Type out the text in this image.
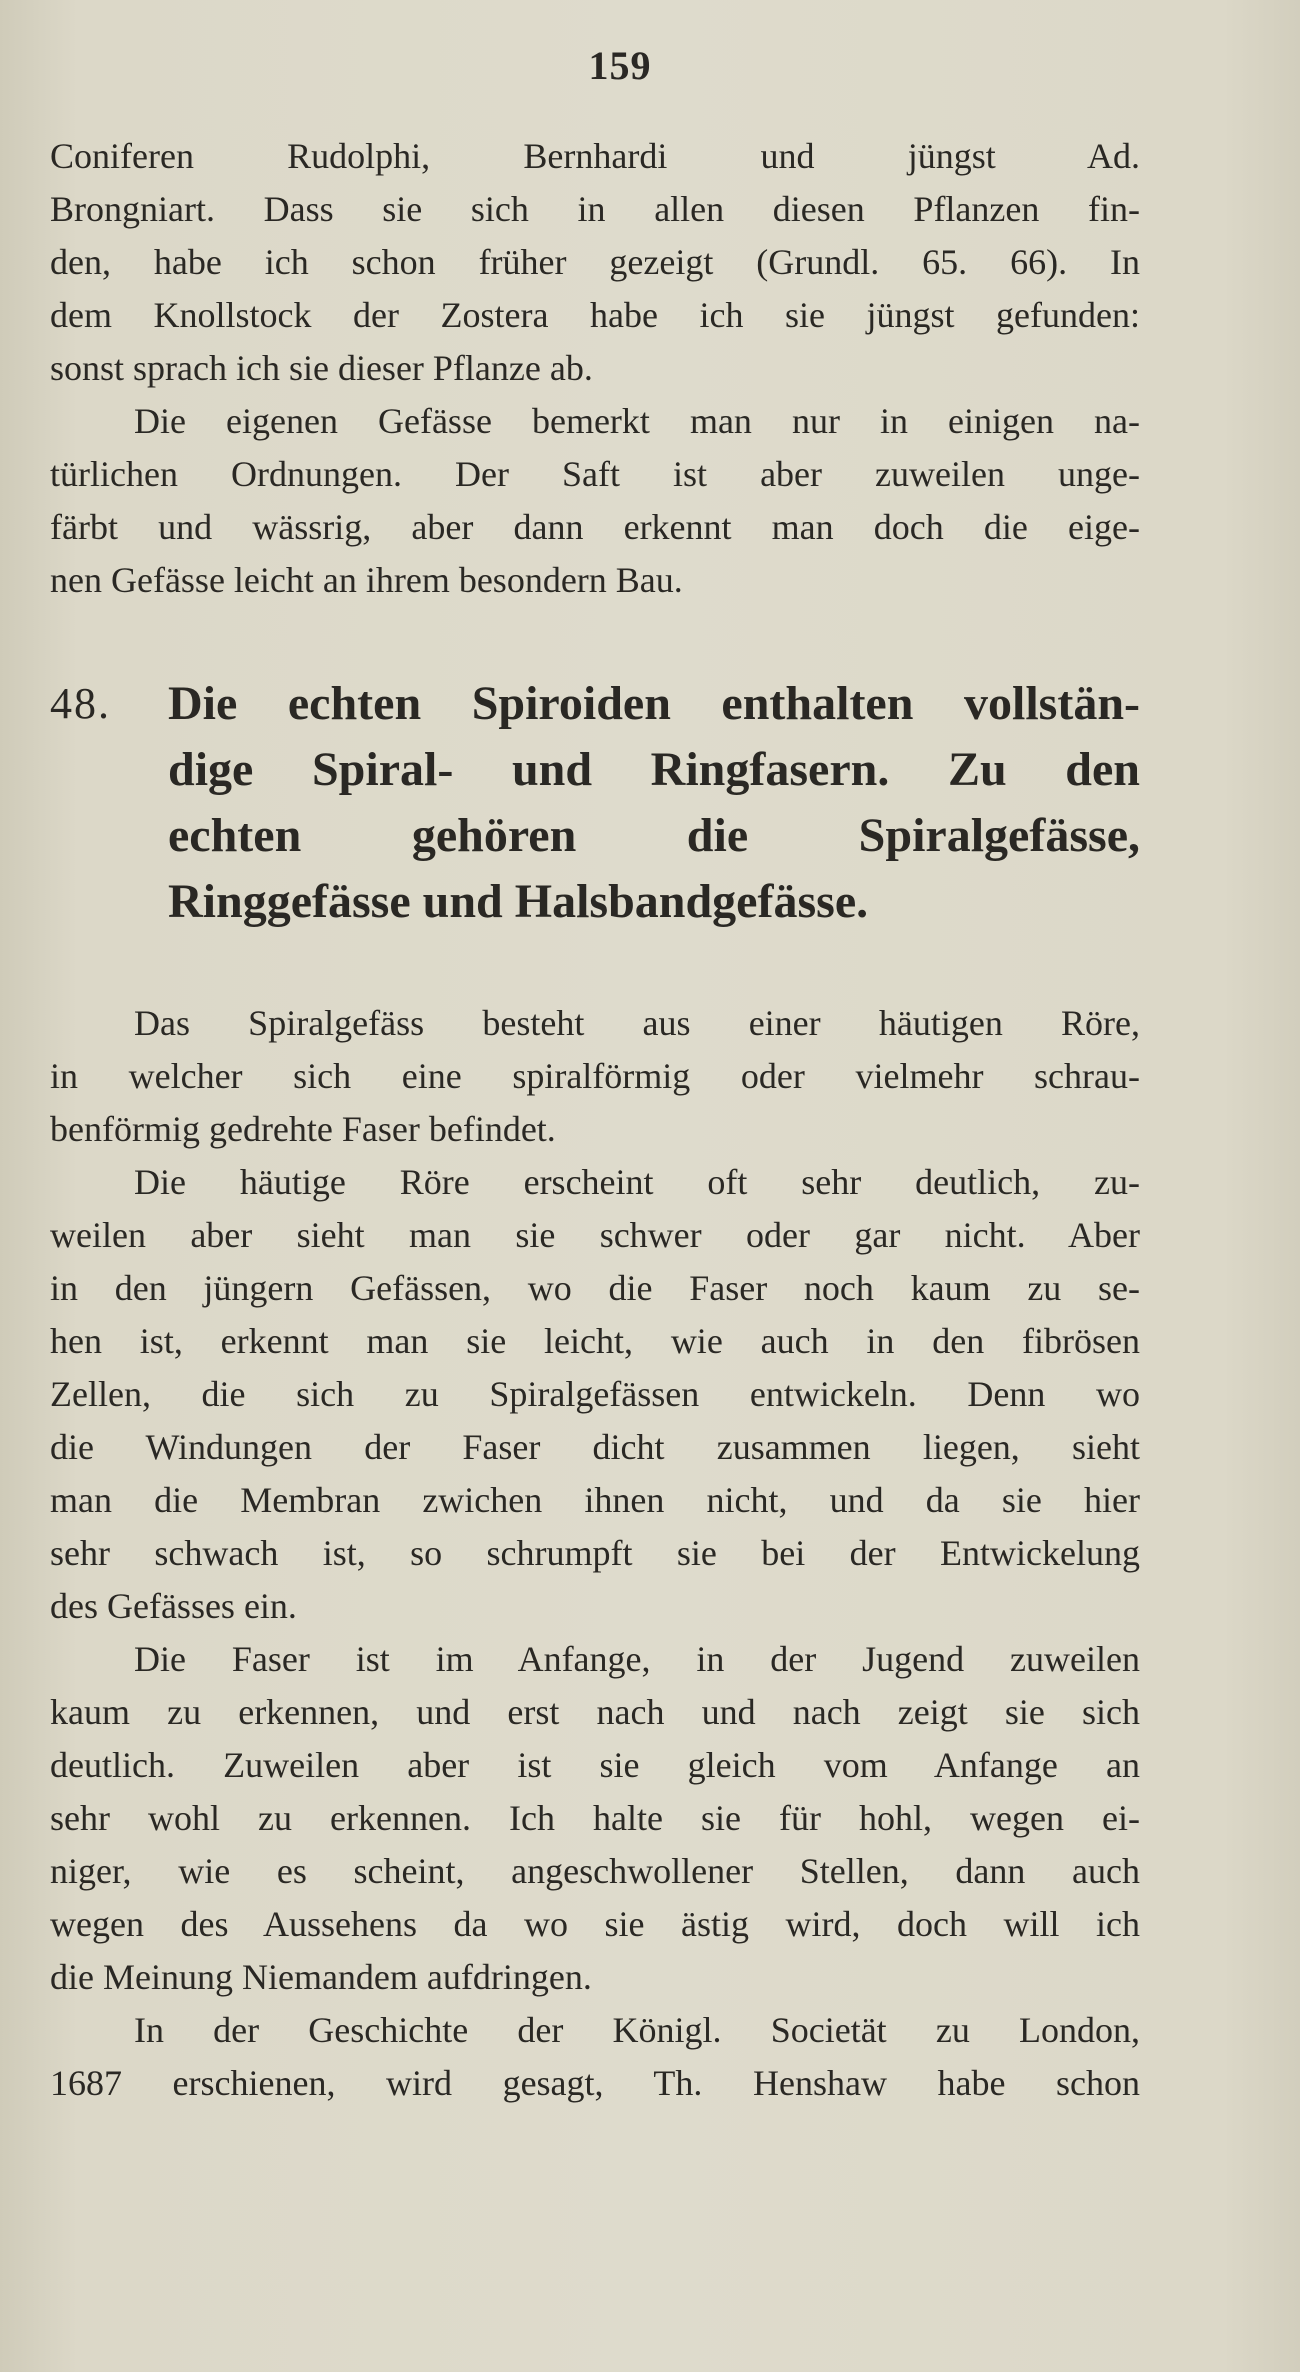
159
Coniferen Rudolphi, Bernhardi und jüngst Ad.
Brongniart. Dass sie sich in allen diesen Pflanzen fin-
den, habe ich schon früher gezeigt (Grundl. 65. 66). In
dem Knollstock der Zostera habe ich sie jüngst gefunden:
sonst sprach ich sie dieser Pflanze ab.
Die eigenen Gefässe bemerkt man nur in einigen na-
türlichen Ordnungen. Der Saft ist aber zuweilen unge-
färbt und wässrig, aber dann erkennt man doch die eige-
nen Gefässe leicht an ihrem besondern Bau.
48. Die echten Spiroiden enthalten vollstän-
dige Spiral- und Ringfasern. Zu den
echten gehören die Spiralgefässe,
Ringgefässe und Halsbandgefässe.
Das Spiralgefäss besteht aus einer häutigen Röre,
in welcher sich eine spiralförmig oder vielmehr schrau-
benförmig gedrehte Faser befindet.
Die häutige Röre erscheint oft sehr deutlich, zu-
weilen aber sieht man sie schwer oder gar nicht. Aber
in den jüngern Gefässen, wo die Faser noch kaum zu se-
hen ist, erkennt man sie leicht, wie auch in den fibrösen
Zellen, die sich zu Spiralgefässen entwickeln. Denn wo
die Windungen der Faser dicht zusammen liegen, sieht
man die Membran zwichen ihnen nicht, und da sie hier
sehr schwach ist, so schrumpft sie bei der Entwickelung
des Gefässes ein.
Die Faser ist im Anfange, in der Jugend zuweilen
kaum zu erkennen, und erst nach und nach zeigt sie sich
deutlich. Zuweilen aber ist sie gleich vom Anfange an
sehr wohl zu erkennen. Ich halte sie für hohl, wegen ei-
niger, wie es scheint, angeschwollener Stellen, dann auch
wegen des Aussehens da wo sie ästig wird, doch will ich
die Meinung Niemandem aufdringen.
In der Geschichte der Königl. Societät zu London,
1687 erschienen, wird gesagt, Th. Henshaw habe schon
